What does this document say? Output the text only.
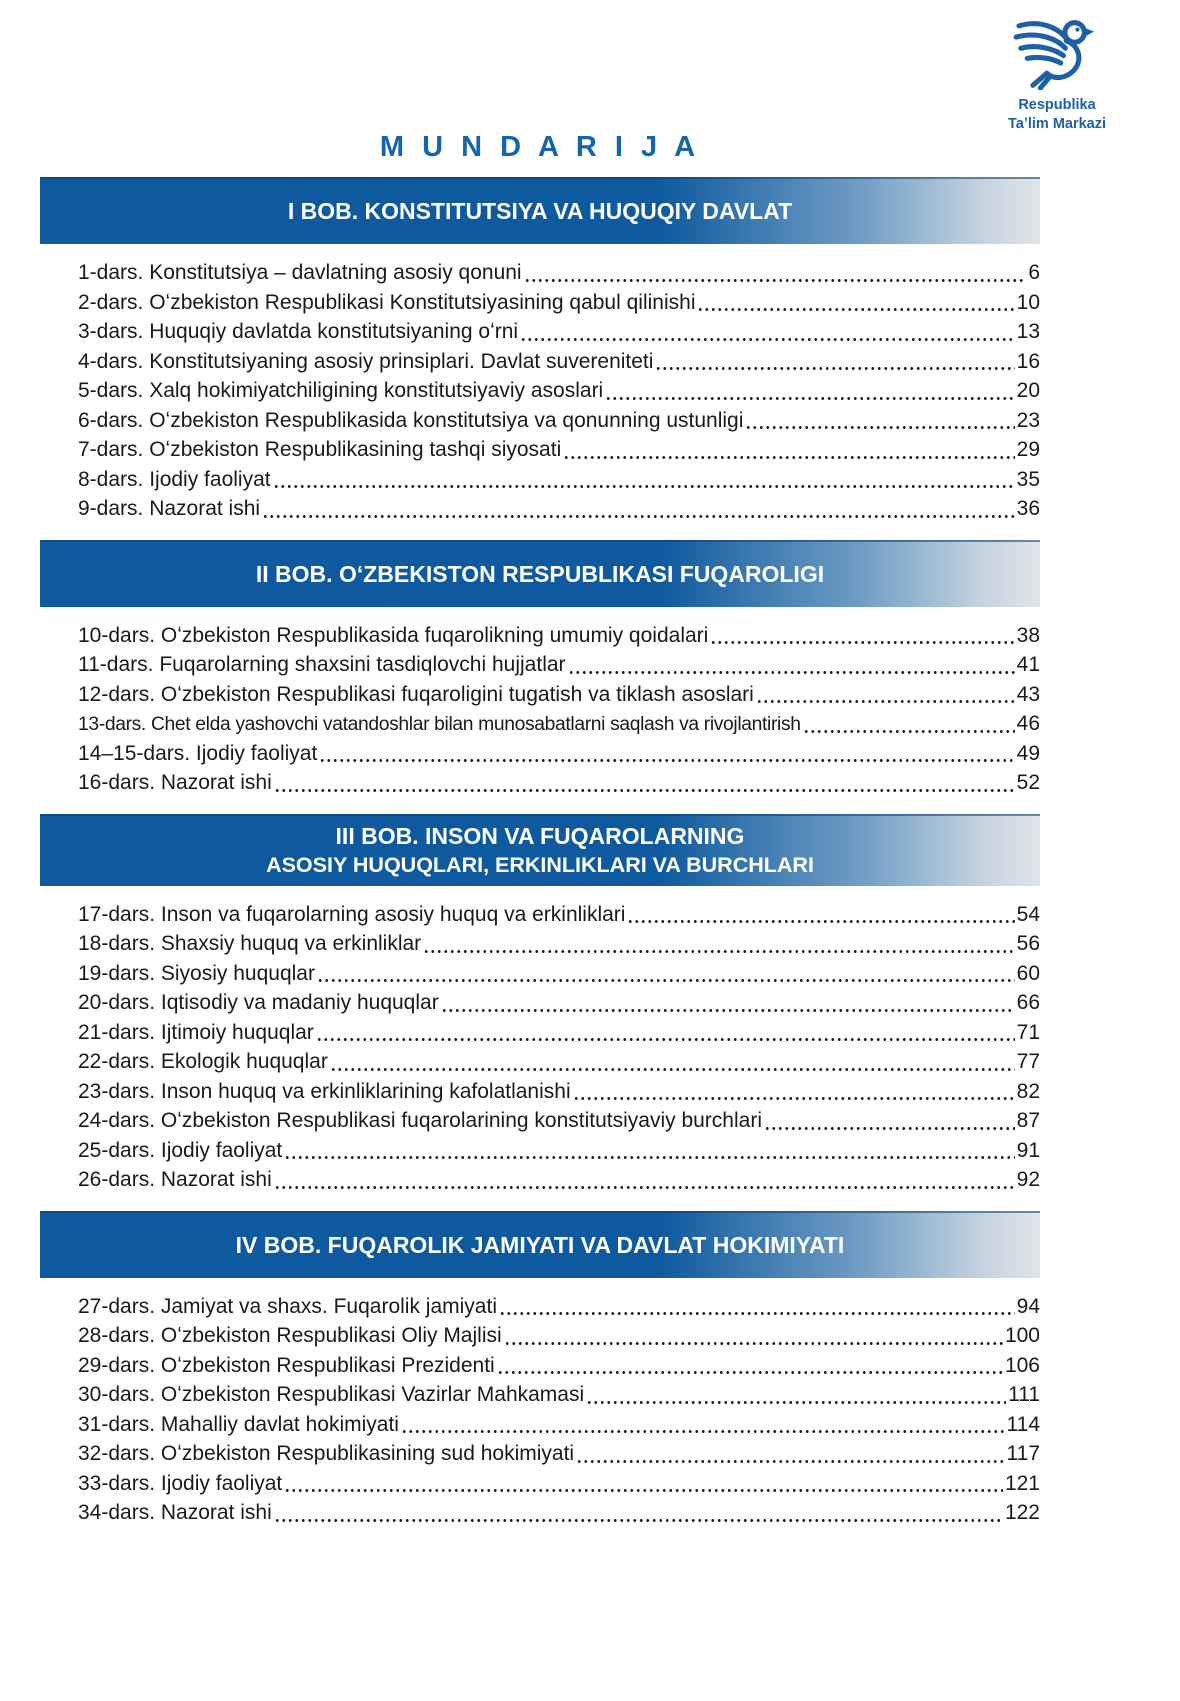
Respublika
Taʼlim Markazi
M U N D A R I J A
I BOB. KONSTITUTSIYA VA HUQUQIY DAVLAT
1-dars. Konstitutsiya – davlatning asosiy qonuni	6
2-dars. Oʻzbekiston Respublikasi Konstitutsiyasining qabul qilinishi	10
3-dars. Huquqiy davlatda konstitutsiyaning oʻrni	13
4-dars. Konstitutsiyaning asosiy prinsiplari. Davlat suvereniteti	16
5-dars. Xalq hokimiyatchiligining konstitutsiyaviy asoslari	20
6-dars. Oʻzbekiston Respublikasida konstitutsiya va qonunning ustunligi	23
7-dars. Oʻzbekiston Respublikasining tashqi siyosati	29
8-dars. Ijodiy faoliyat	35
9-dars. Nazorat ishi	36
II BOB. OʻZBEKISTON RESPUBLIKASI FUQAROLIGI
10-dars. Oʻzbekiston Respublikasida fuqarolikning umumiy qoidalari	38
11-dars. Fuqarolarning shaxsini tasdiqlovchi hujjatlar	41
12-dars. Oʻzbekiston Respublikasi fuqaroligini tugatish va tiklash asoslari	43
13-dars. Chet elda yashovchi vatandoshlar bilan munosabatlarni saqlash va rivojlantirish	46
14–15-dars. Ijodiy faoliyat	49
16-dars. Nazorat ishi	52
III BOB. INSON VA FUQAROLARNING
ASOSIY HUQUQLARI, ERKINLIKLARI VA BURCHLARI
17-dars. Inson va fuqarolarning asosiy huquq va erkinliklari	54
18-dars. Shaxsiy huquq va erkinliklar	56
19-dars. Siyosiy huquqlar	60
20-dars. Iqtisodiy va madaniy huquqlar	66
21-dars. Ijtimoiy huquqlar	71
22-dars. Ekologik huquqlar	77
23-dars. Inson huquq va erkinliklarining kafolatlanishi	82
24-dars. Oʻzbekiston Respublikasi fuqarolarining konstitutsiyaviy burchlari	87
25-dars. Ijodiy faoliyat	91
26-dars. Nazorat ishi	92
IV BOB. FUQAROLIK JAMIYATI VA DAVLAT HOKIMIYATI
27-dars. Jamiyat va shaxs. Fuqarolik jamiyati	94
28-dars. Oʻzbekiston Respublikasi Oliy Majlisi	100
29-dars. Oʻzbekiston Respublikasi Prezidenti	106
30-dars. Oʻzbekiston Respublikasi Vazirlar Mahkamasi	111
31-dars. Mahalliy davlat hokimiyati	114
32-dars. Oʻzbekiston Respublikasining sud hokimiyati	117
33-dars. Ijodiy faoliyat	121
34-dars. Nazorat ishi	122
